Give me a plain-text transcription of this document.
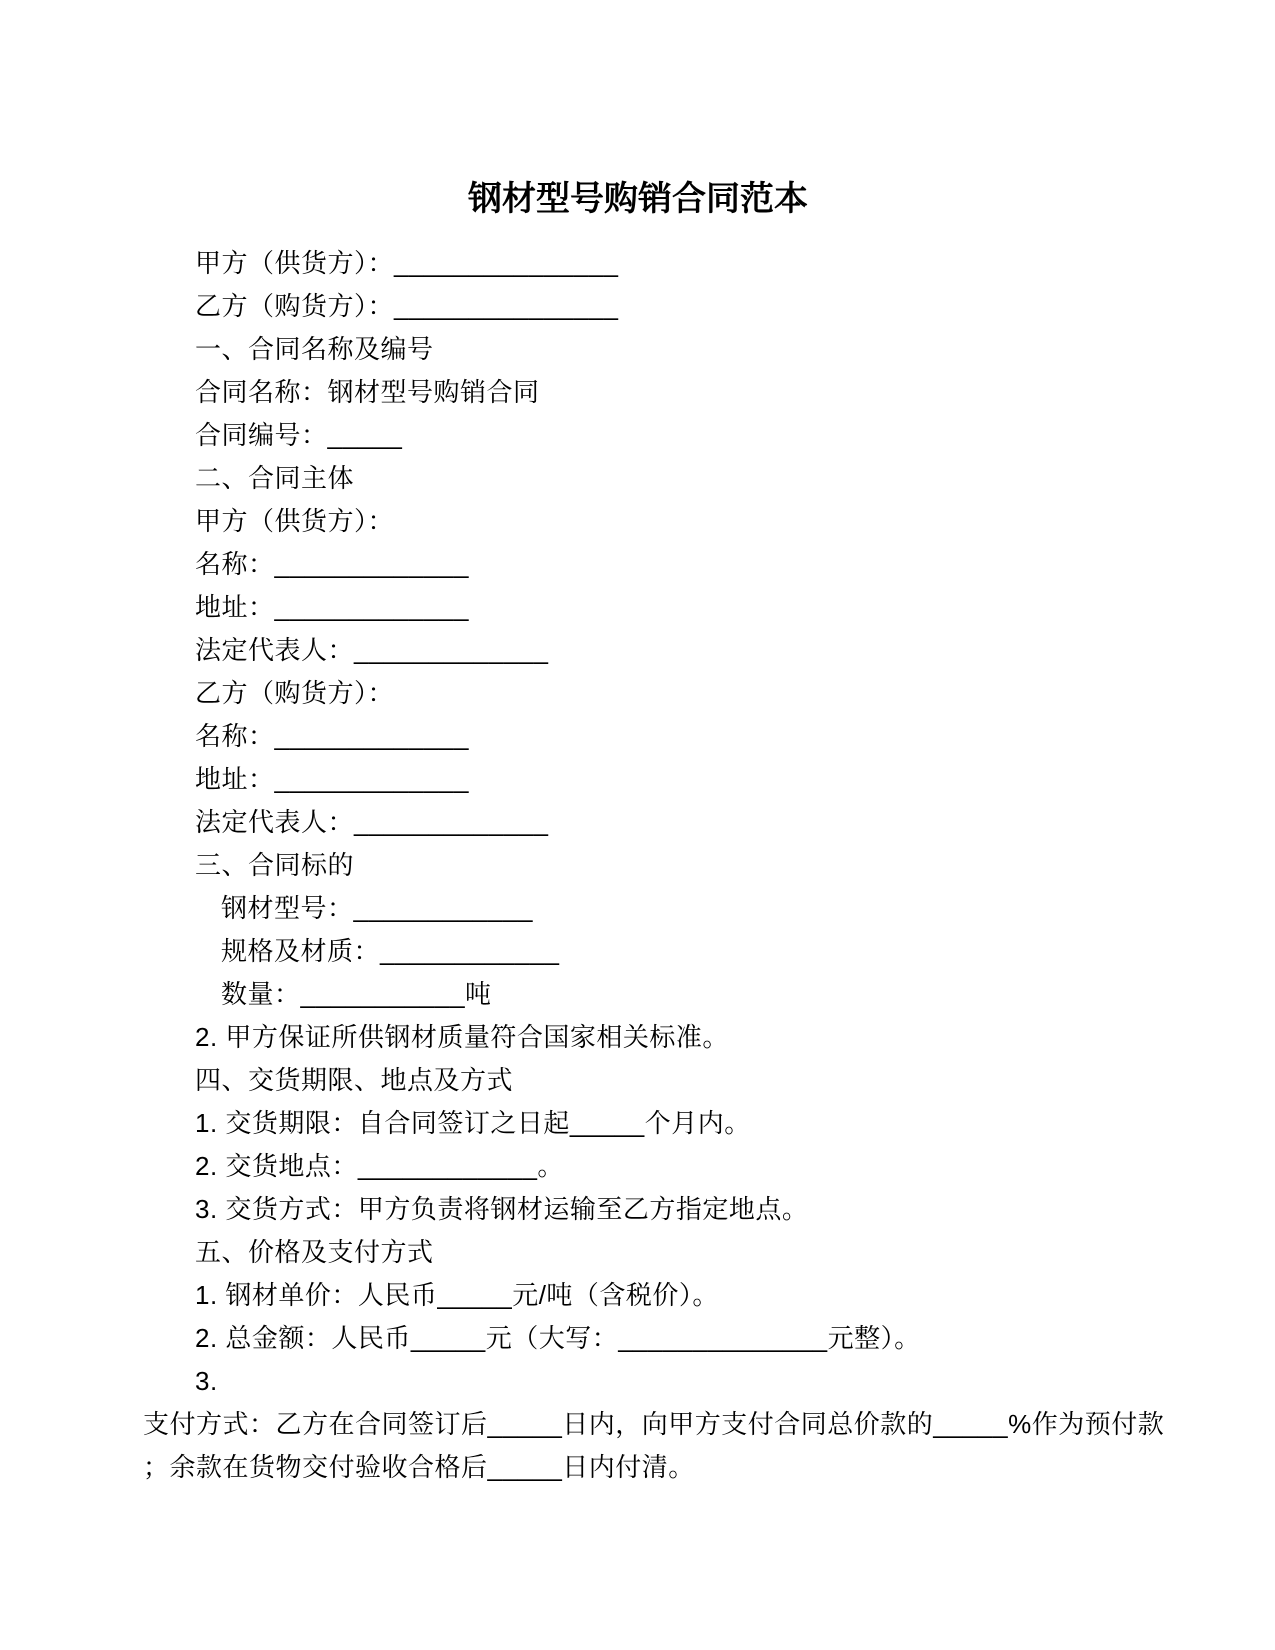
钢材型号购销合同范本
甲方（供货方）：_______________
乙方（购货方）：_______________
一、合同名称及编号
合同名称：钢材型号购销合同
合同编号：_____
二、合同主体
甲方（供货方）：
名称：_____________
地址：_____________
法定代表人：_____________
乙方（购货方）：
名称：_____________
地址：_____________
法定代表人：_____________
三、合同标的
钢材型号：____________
规格及材质：____________
数量：___________吨
2. 甲方保证所供钢材质量符合国家相关标准。
四、交货期限、地点及方式
1. 交货期限：自合同签订之日起_____个月内。
2. 交货地点：____________。
3. 交货方式：甲方负责将钢材运输至乙方指定地点。
五、价格及支付方式
1. 钢材单价：人民币_____元/吨（含税价）。
2. 总金额：人民币_____元（大写：______________元整）。
3.
支付方式：乙方在合同签订后_____日内，向甲方支付合同总价款的_____%作为预付款
；余款在货物交付验收合格后_____日内付清。
